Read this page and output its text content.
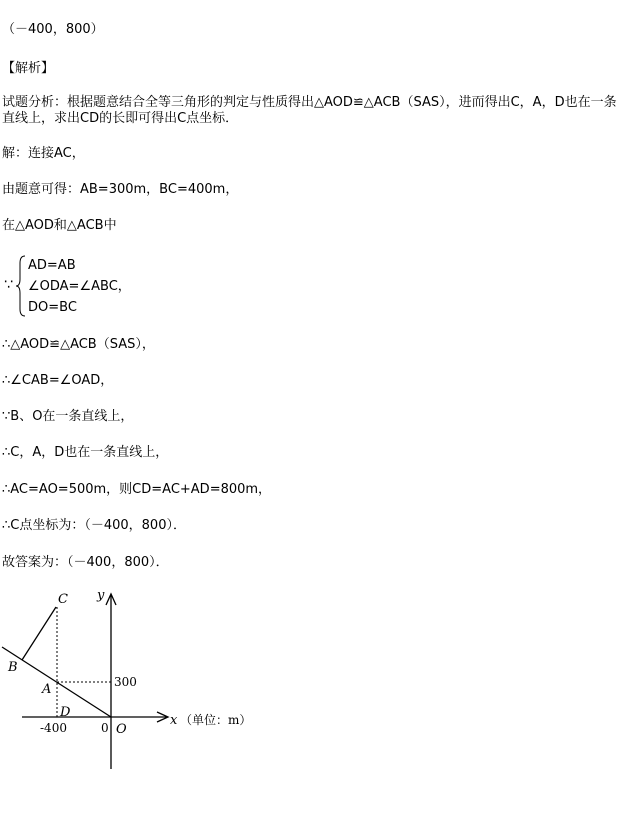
（－400，800）
【解析】
试题分析：根据题意结合全等三角形的判定与性质得出△AOD≌△ACB（SAS），进而得出C，A，D也在一条直线上，求出CD的长即可得出C点坐标．
解：连接AC，
由题意可得：AB=300m，BC=400m，
在△AOD和△ACB中
∵
AD=AB
∠ODA=∠ABC，
DO=BC
∴△AOD≌△ACB（SAS），
∴∠CAB=∠OAD，
∵B、O在一条直线上，
∴C，A，D也在一条直线上，
∴AC=AO=500m，则CD=AC+AD=800m，
∴C点坐标为：（－400，800）．
故答案为：（－400，800）．
C
B
A
D
O
y
x （单位：m）
300
-400	0
